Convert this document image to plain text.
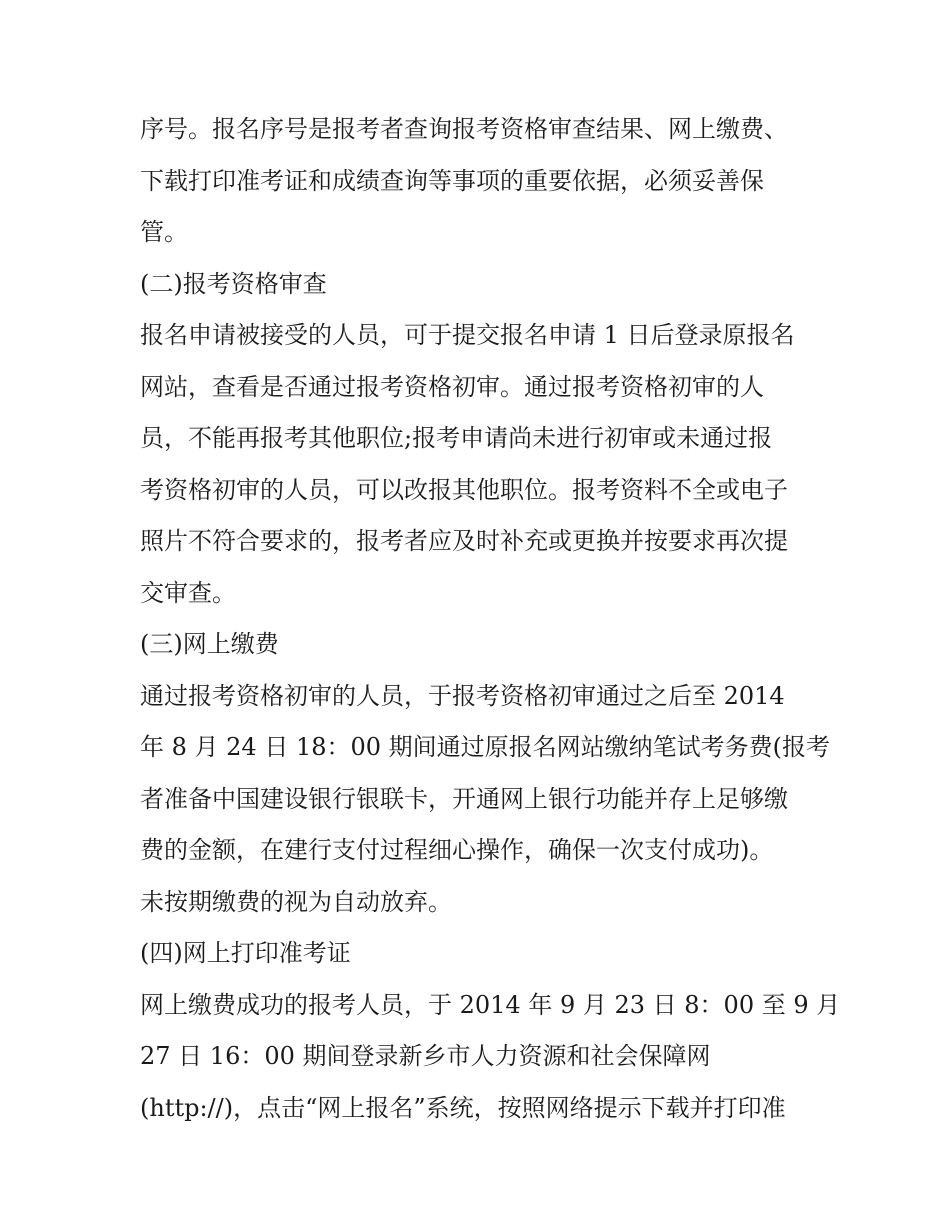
序号。报名序号是报考者查询报考资格审查结果、网上缴费、
下载打印准考证和成绩查询等事项的重要依据，必须妥善保
管。
(二)报考资格审查
报名申请被接受的人员，可于提交报名申请 1 日后登录原报名
网站，查看是否通过报考资格初审。通过报考资格初审的人
员，不能再报考其他职位;报考申请尚未进行初审或未通过报
考资格初审的人员，可以改报其他职位。报考资料不全或电子
照片不符合要求的，报考者应及时补充或更换并按要求再次提
交审查。
(三)网上缴费
通过报考资格初审的人员，于报考资格初审通过之后至 2014
年 8 月 24 日 18：00 期间通过原报名网站缴纳笔试考务费(报考
者准备中国建设银行银联卡，开通网上银行功能并存上足够缴
费的金额，在建行支付过程细心操作，确保一次支付成功)。
未按期缴费的视为自动放弃。
(四)网上打印准考证
网上缴费成功的报考人员，于 2014 年 9 月 23 日 8：00 至 9 月
27 日 16：00 期间登录新乡市人力资源和社会保障网
(http://)，点击“网上报名”系统，按照网络提示下载并打印准
